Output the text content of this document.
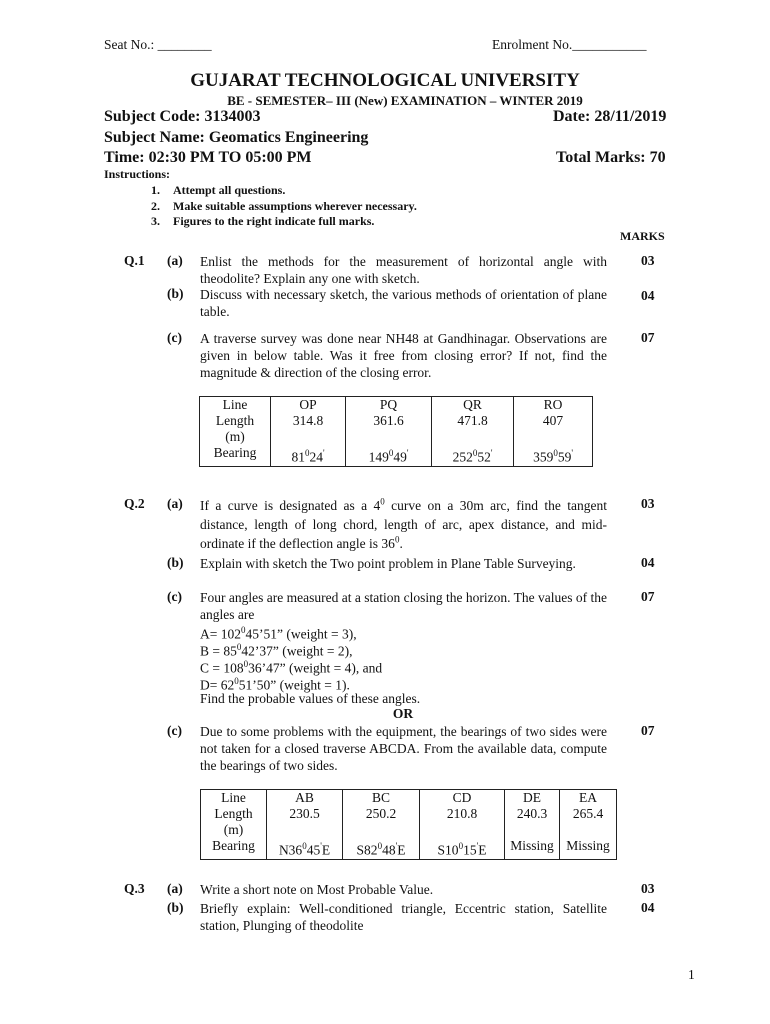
Seat No.: ________	Enrolment No.___________
GUJARAT TECHNOLOGICAL UNIVERSITY
BE - SEMESTER– III (New) EXAMINATION – WINTER 2019
Subject Code: 3134003	Date: 28/11/2019
Subject Name: Geomatics Engineering
Time: 02:30 PM TO 05:00 PM	Total Marks: 70
Instructions:
1. Attempt all questions.
2. Make suitable assumptions wherever necessary.
3. Figures to the right indicate full marks.
MARKS
Q.1 (a) Enlist the methods for the measurement of horizontal angle with theodolite? Explain any one with sketch.
03
(b) Discuss with necessary sketch, the various methods of orientation of plane table.
04
(c) A traverse survey was done near NH48 at Gandhinagar. Observations are given in below table. Was it free from closing error? If not, find the magnitude & direction of the closing error.
07
Line	OP	PQ	QR	RO
Length
(m)	314.8	361.6	471.8	407
Bearing	$81^024'$	$149^049'$	$252^052'$	$359^059'$
Q.2 (a) If a curve is designated as a $4^0$ curve on a 30m arc, find the tangent distance, length of long chord, length of arc, apex distance, and mid-ordinate if the deflection angle is $36^0$.
03
(b) Explain with sketch the Two point problem in Plane Table Surveying.	04
(c) Four angles are measured at a station closing the horizon. The values of the angles are
07
$A= 102^045’51$” (weight = 3),
$B = 85^042’37$” (weight = 2),
$C = 108^036’47$” (weight = 4), and
$D= 62^051’50$” (weight = 1).
Find the probable values of these angles.
OR
(c) Due to some problems with the equipment, the bearings of two sides were not taken for a closed traverse ABCDA. From the available data, compute the bearings of two sides.
07
Line	AB	BC	CD	DE	EA
Length
(m)	230.5	250.2	210.8	240.3	265.4
Bearing	$N36^045'E$	$S82^048'E$	$S10^015'E$	Missing	Missing
Q.3 (a) Write a short note on Most Probable Value.	03
(b) Briefly explain: Well-conditioned triangle, Eccentric station, Satellite station, Plunging of theodolite
04
1
